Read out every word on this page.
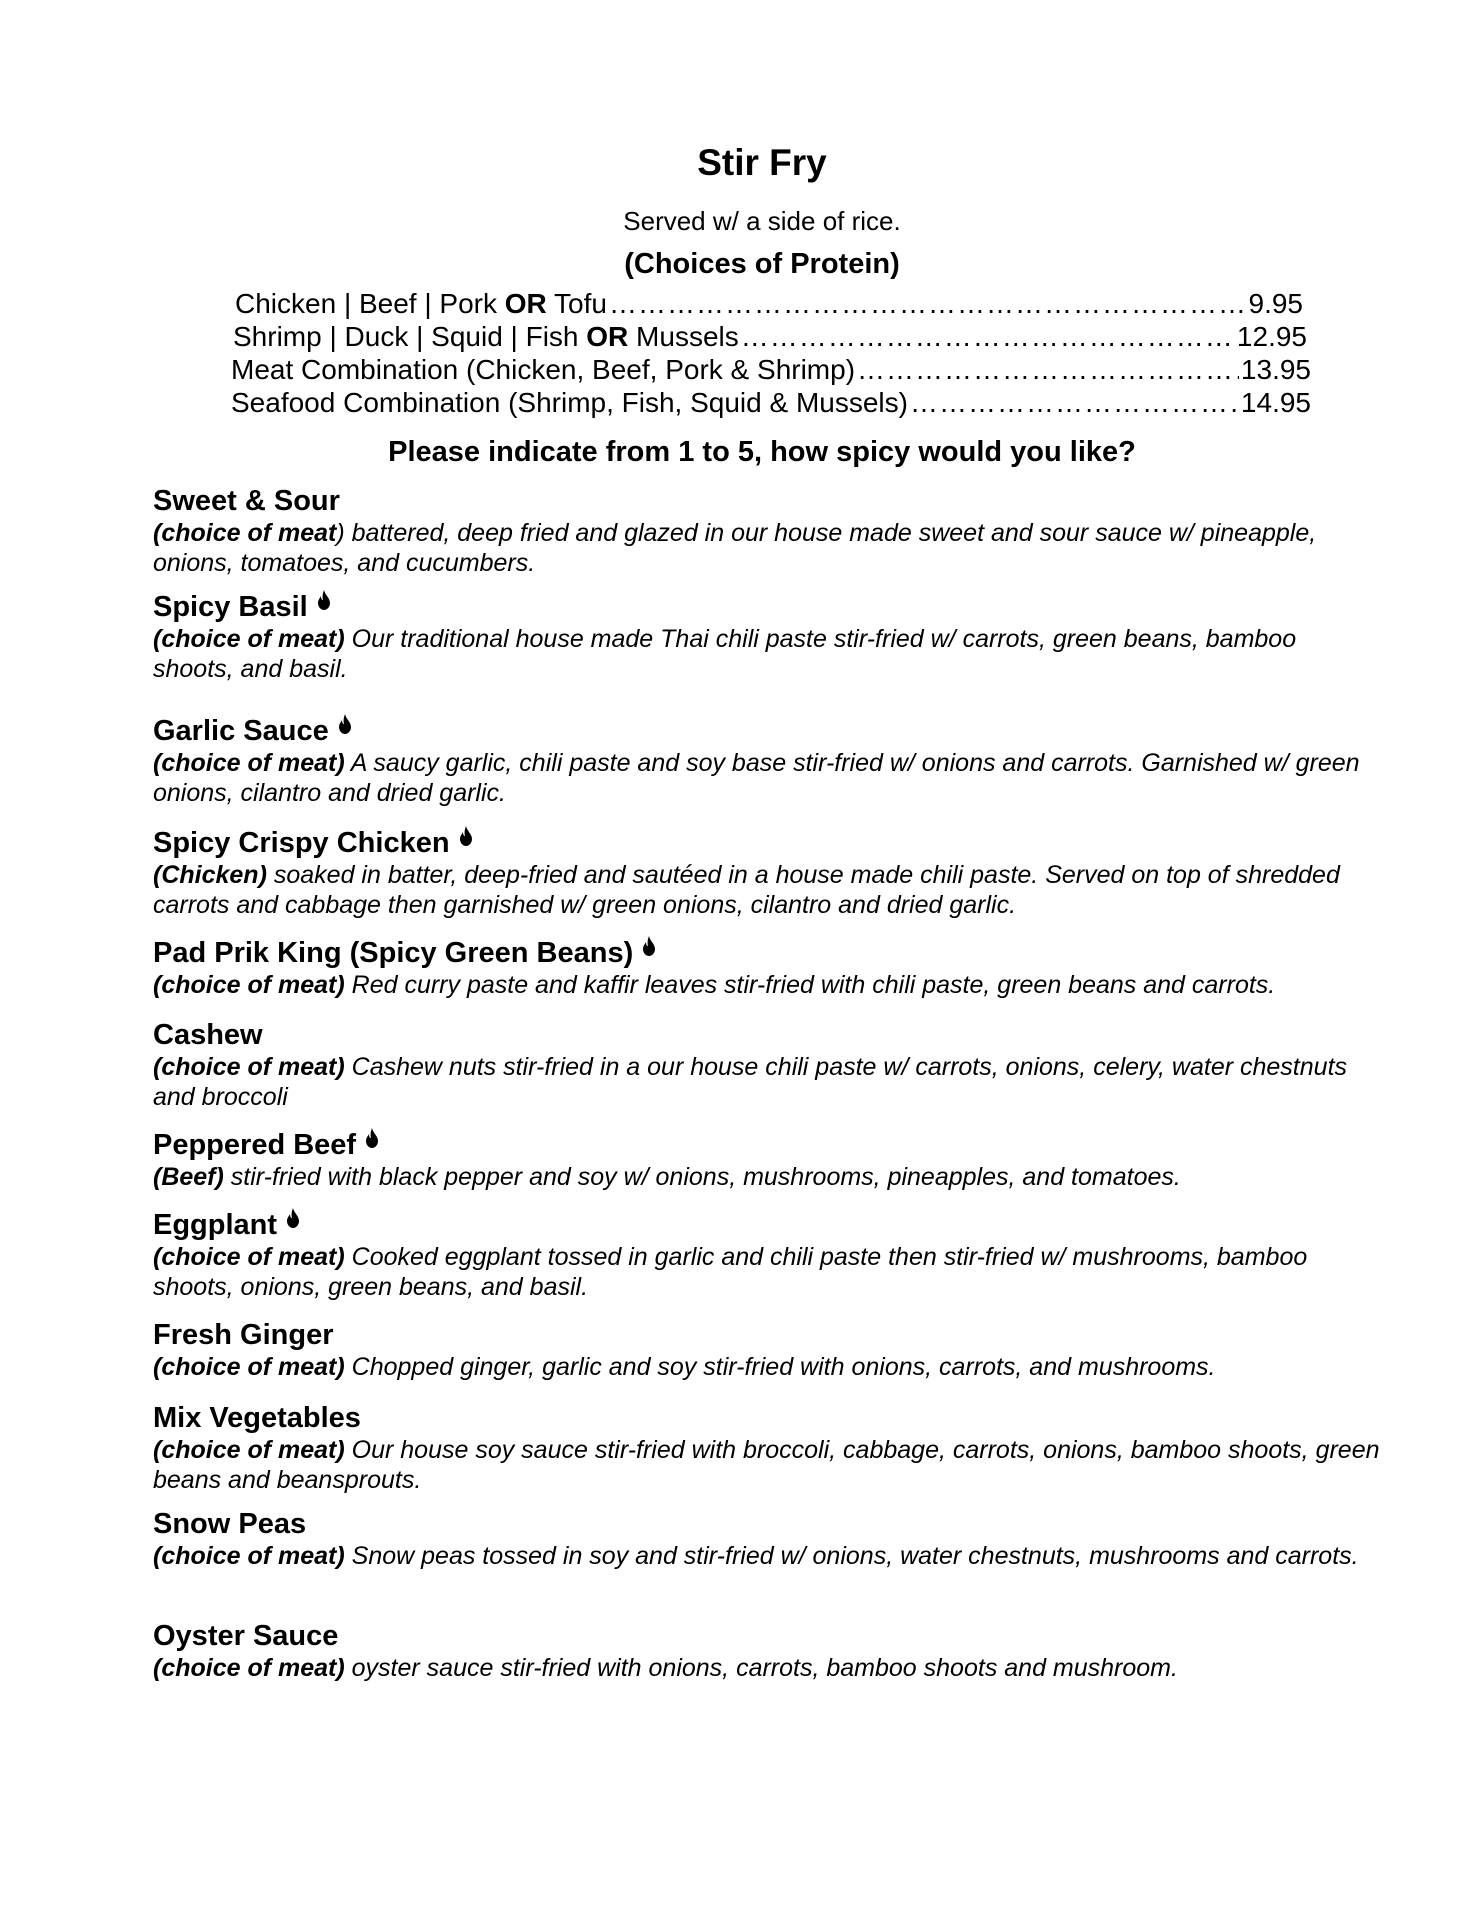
Stir Fry

Served w/ a side of rice.

(Choices of Protein)

Chicken | Beef | Pork OR Tofu ……………………………………………………………………………………………………………………	9.95
Shrimp | Duck | Squid | Fish OR Mussels ……………………………………………………………………………………………………………………	12.95
Meat Combination (Chicken, Beef, Pork & Shrimp) ……………………………………………………………………………………………………………………	13.95
Seafood Combination (Shrimp, Fish, Squid & Mussels) ……………………………………………………………………………………………………………………	14.95

Please indicate from 1 to 5, how spicy would you like?

Sweet & Sour

(choice of meat) battered, deep fried and glazed in our house made sweet and sour sauce w/ pineapple, onions, tomatoes, and cucumbers.

Spicy Basil

(choice of meat) Our traditional house made Thai chili paste stir-fried w/ carrots, green beans, bamboo shoots, and basil.

Garlic Sauce

(choice of meat) A saucy garlic, chili paste and soy base stir-fried w/ onions and carrots. Garnished w/ green onions, cilantro and dried garlic.

Spicy Crispy Chicken

(Chicken) soaked in batter, deep-fried and sautéed in a house made chili paste. Served on top of shredded carrots and cabbage then garnished w/ green onions, cilantro and dried garlic.

Pad Prik King (Spicy Green Beans)

(choice of meat) Red curry paste and kaffir leaves stir-fried with chili paste, green beans and carrots.

Cashew

(choice of meat) Cashew nuts stir-fried in a our house chili paste w/ carrots, onions, celery, water chestnuts and broccoli

Peppered Beef

(Beef) stir-fried with black pepper and soy w/ onions, mushrooms, pineapples, and tomatoes.

Eggplant

(choice of meat) Cooked eggplant tossed in garlic and chili paste then stir-fried w/ mushrooms, bamboo shoots, onions, green beans, and basil.

Fresh Ginger

(choice of meat) Chopped ginger, garlic and soy stir-fried with onions, carrots, and mushrooms.

Mix Vegetables

(choice of meat) Our house soy sauce stir-fried with broccoli, cabbage, carrots, onions, bamboo shoots, green beans and beansprouts.

Snow Peas

(choice of meat) Snow peas tossed in soy and stir-fried w/ onions, water chestnuts, mushrooms and carrots.

Oyster Sauce

(choice of meat) oyster sauce stir-fried with onions, carrots, bamboo shoots and mushroom.
